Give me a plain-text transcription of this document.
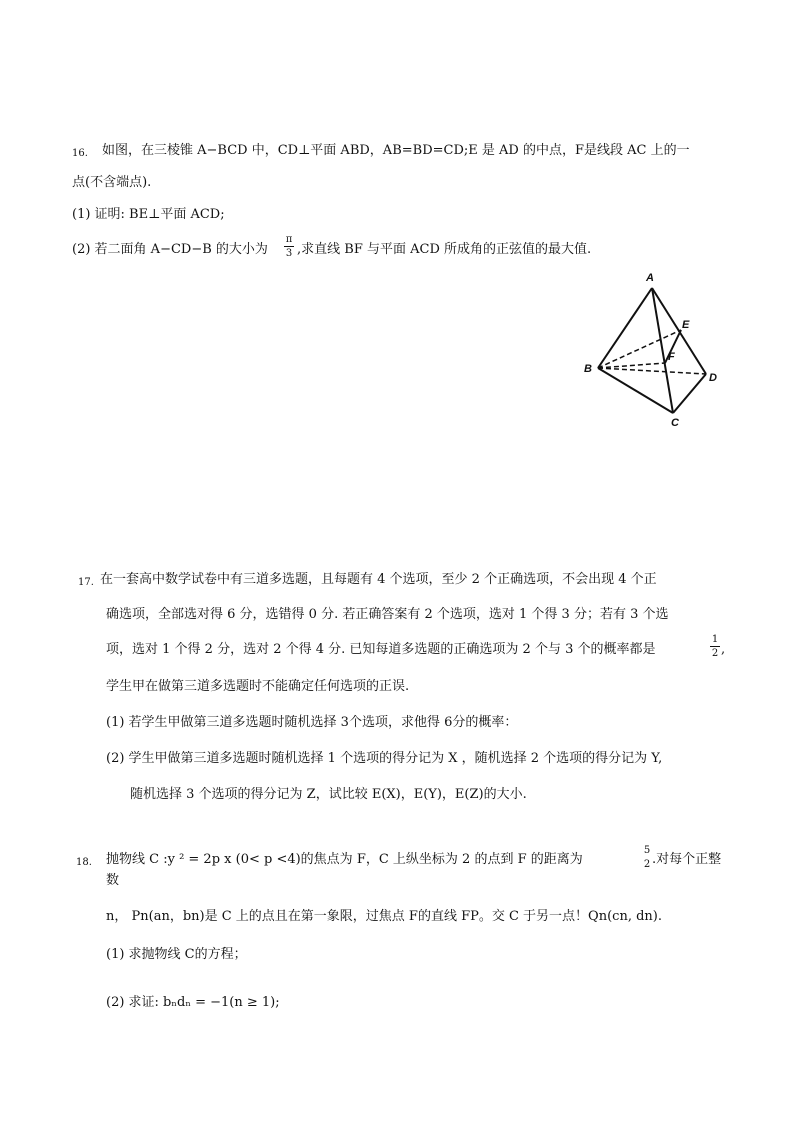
16. 如图，在三棱锥 A−BCD 中，CD⊥平面 ABD，AB=BD=CD;E 是 AD 的中点，F是线段 AC 上的一
点(不含端点).
(1) 证明: BE⊥平面 ACD;
(2) 若二面角 A−CD−B 的大小为
π
3 ,求直线 BF 与平面 ACD 所成角的正弦值的最大值.
A
B
C
D
E
F
17. 在一套高中数学试卷中有三道多选题，且每题有 4 个选项，至少 2 个正确选项，不会出现 4 个正
确选项，全部选对得 6 分，选错得 0 分. 若正确答案有 2 个选项，选对 1 个得 3 分；若有 3 个选
项，选对 1 个得 2 分，选对 2 个得 4 分. 已知每道多选题的正确选项为 2 个与 3 个的概率都是
1
2 ,
学生甲在做第三道多选题时不能确定任何选项的正误.
(1) 若学生甲做第三道多选题时随机选择 3个选项，求他得 6分的概率：
(2) 学生甲做第三道多选题时随机选择 1 个选项的得分记为 X ，随机选择 2 个选项的得分记为 Y,
随机选择 3 个选项的得分记为 Z，试比较 E(X)，E(Y)，E(Z)的大小.
18. 抛物线 C :y ² = 2p x (0< p <4)的焦点为 F，C 上纵坐标为 2 的点到 F 的距离为
5
2 .对每个正整
数
n， Pn(an，bn)是 C 上的点且在第一象限，过焦点 F的直线 FP。交 C 于另一点！Qn(cn, dn).
(1) 求抛物线 C的方程；
(2) 求证: bₙdₙ = −1(n ≥ 1);
